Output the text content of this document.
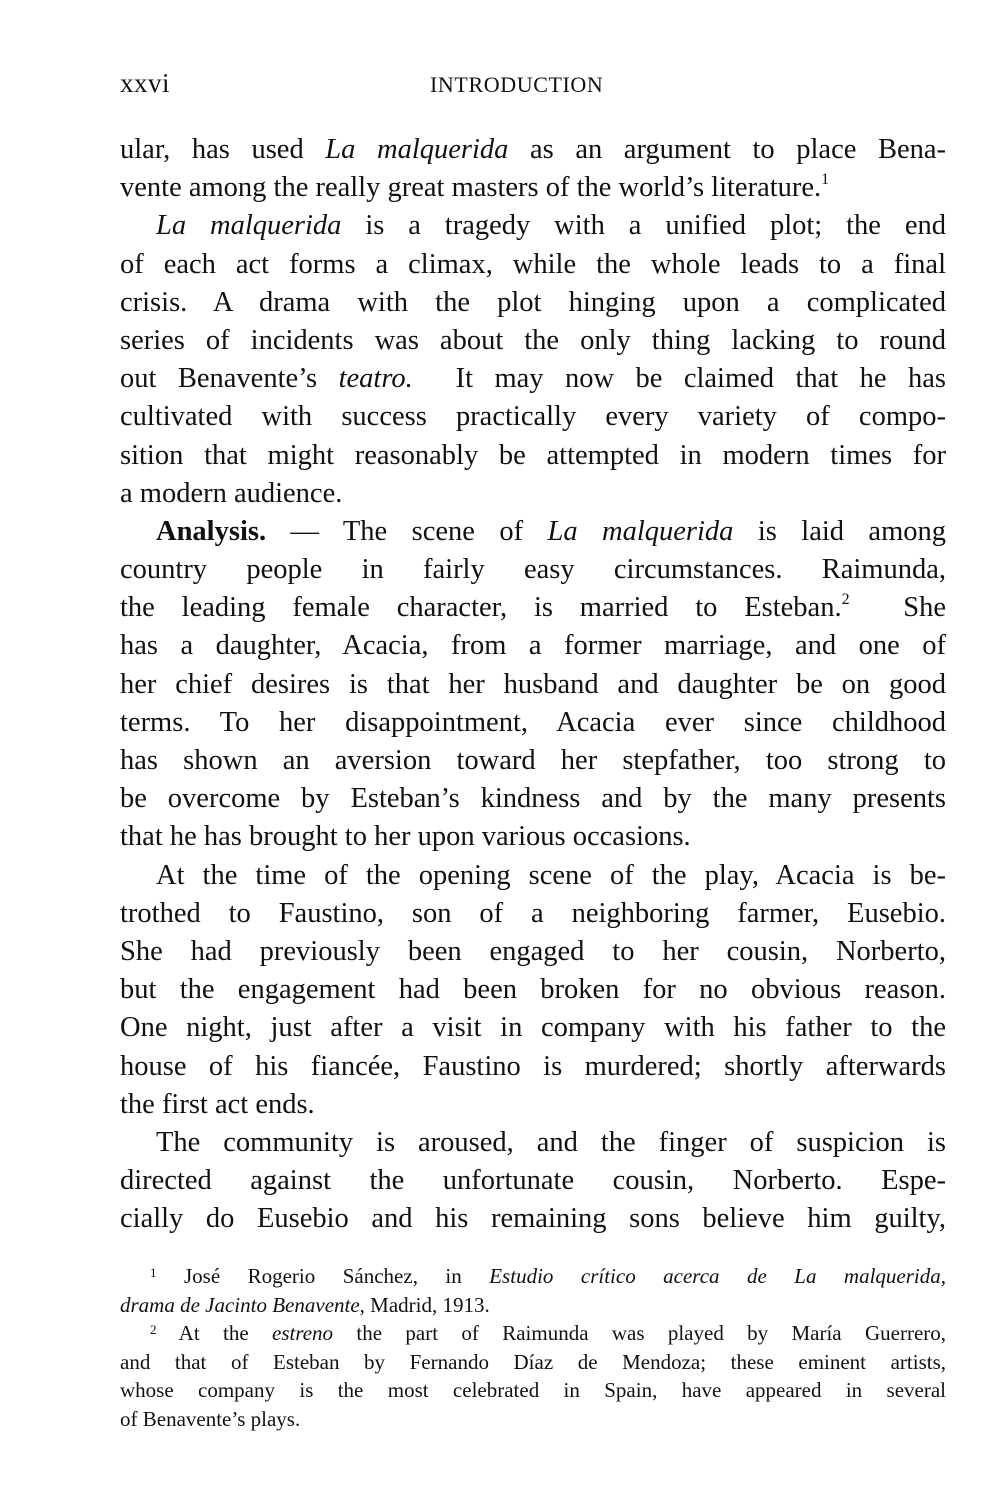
xxvi	INTRODUCTION
ular, has used La malquerida as an argument to place Bena-
vente among the really great masters of the world’s literature.$^1$
La malquerida is a tragedy with a unified plot; the end
of each act forms a climax, while the whole leads to a final
crisis. A drama with the plot hinging upon a complicated
series of incidents was about the only thing lacking to round
out Benavente’s teatro.  It may now be claimed that he has
cultivated with success practically every variety of compo-
sition that might reasonably be attempted in modern times for
a modern audience.
Analysis. — The scene of La malquerida is laid among
country people in fairly easy circumstances. Raimunda,
the leading female character, is married to Esteban.$^2$  She
has a daughter, Acacia, from a former marriage, and one of
her chief desires is that her husband and daughter be on good
terms. To her disappointment, Acacia ever since childhood
has shown an aversion toward her stepfather, too strong to
be overcome by Esteban’s kindness and by the many presents
that he has brought to her upon various occasions.
At the time of the opening scene of the play, Acacia is be-
trothed to Faustino, son of a neighboring farmer, Eusebio.
She had previously been engaged to her cousin, Norberto,
but the engagement had been broken for no obvious reason.
One night, just after a visit in company with his father to the
house of his fiancée, Faustino is murdered; shortly afterwards
the first act ends.
The community is aroused, and the finger of suspicion is
directed against the unfortunate cousin, Norberto. Espe-
cially do Eusebio and his remaining sons believe him guilty,
$^1$ José Rogerio Sánchez, in Estudio crítico acerca de La malquerida,
drama de Jacinto Benavente, Madrid, 1913.
$^2$ At the estreno the part of Raimunda was played by María Guerrero,
and that of Esteban by Fernando Díaz de Mendoza; these eminent artists,
whose company is the most celebrated in Spain, have appeared in several
of Benavente’s plays.
